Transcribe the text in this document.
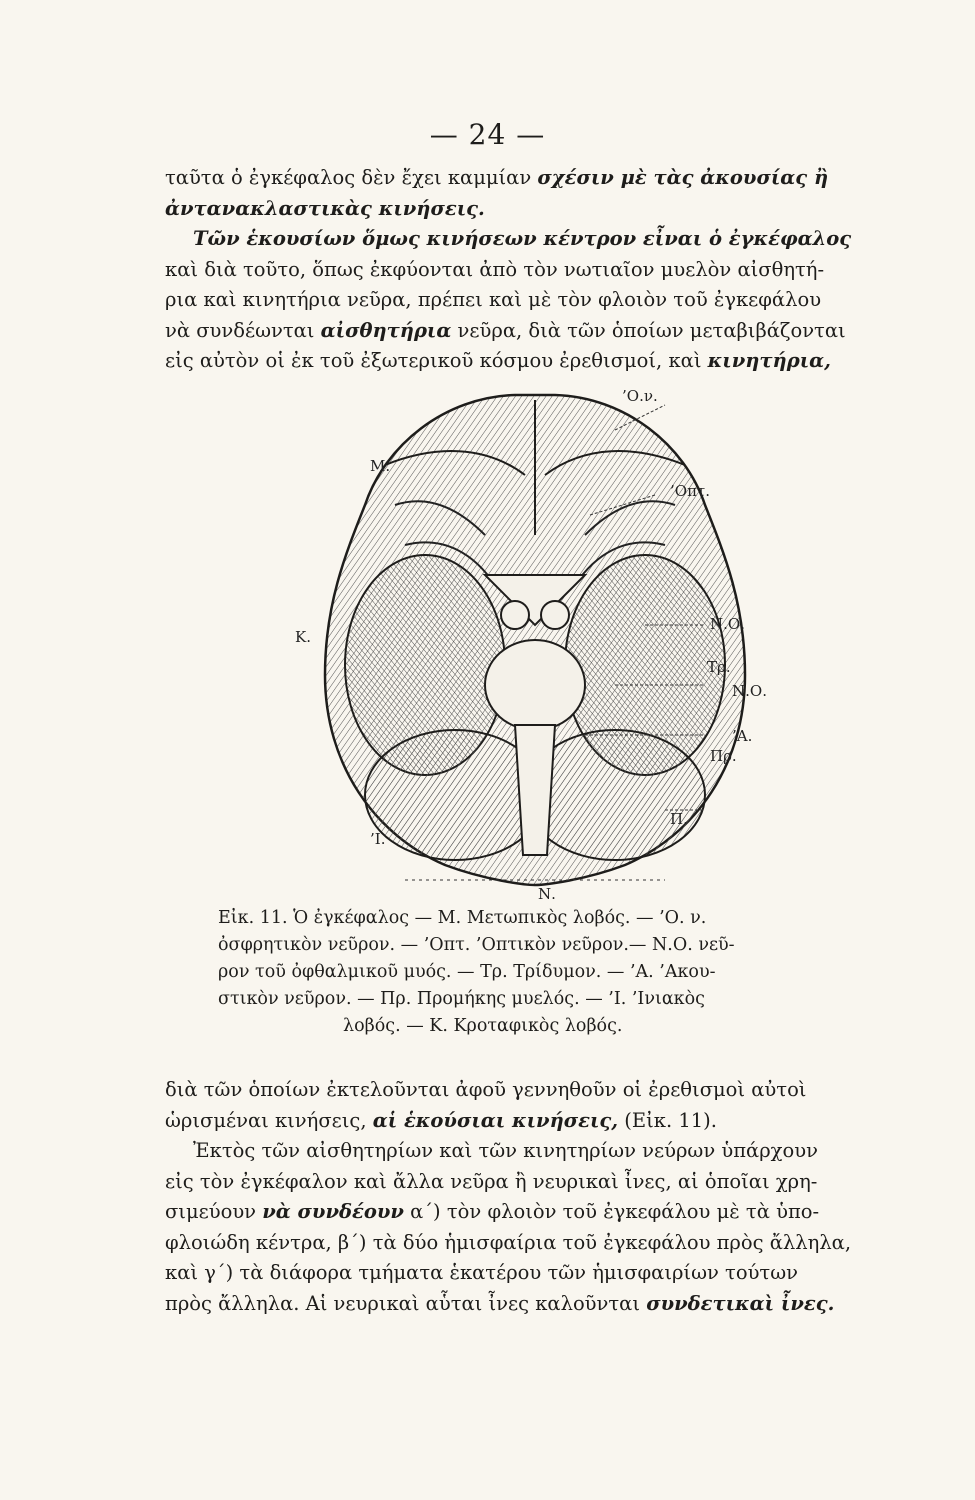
— 24 —
ταῦτα ὁ ἐγκέφαλος δὲν ἔχει καμμίαν σχέσιν μὲ τὰς ἀκουσίας ἢ
ἀντανακλαστικὰς κινήσεις.
Τῶν ἑκουσίων ὅμως κινήσεων κέντρον εἶναι ὁ ἐγκέφαλος
καὶ διὰ τοῦτο, ὅπως ἐκφύονται ἀπὸ τὸν νωτιαῖον μυελὸν αἰσθητή-
ρια καὶ κινητήρια νεῦρα, πρέπει καὶ μὲ τὸν φλοιὸν τοῦ ἐγκεφάλου
νὰ συνδέωνται αἰσθητήρια νεῦρα, διὰ τῶν ὁποίων μεταβιβάζονται
εἰς αὐτὸν οἱ ἐκ τοῦ ἐξωτερικοῦ κόσμου ἐρεθισμοί, καὶ κινητήρια,
’Ο.ν.
Μ.
’Οπτ.
Κ.
Ν.Ο.
Τρ.
Ν.Ο.
’Α.
Πρ.
Π.
’Ι.
Ν.
Εἰκ. 11. Ὁ ἐγκέφαλος — Μ. Μετωπικὸς λοβός. — ’Ο. ν.
ὀσφρητικὸν νεῦρον. — ’Οπτ. ’Οπτικὸν νεῦρον.— Ν.Ο. νεῦ-
ρον τοῦ ὀφθαλμικοῦ μυός. — Τρ. Τρίδυμον. — ’Α. ’Ακου-
στικὸν νεῦρον. — Πρ. Προμήκης μυελός. — ’Ι. ’Ινιακὸς
λοβός. — Κ. Κροταφικὸς λοβός.
διὰ τῶν ὁποίων ἐκτελοῦνται ἀφοῦ γεννηθοῦν οἱ ἐρεθισμοὶ αὐτοὶ
ὡρισμέναι κινήσεις, αἱ ἑκούσιαι κινήσεις, (Εἰκ. 11).
Ἐκτὸς τῶν αἰσθητηρίων καὶ τῶν κινητηρίων νεύρων ὑπάρχουν
εἰς τὸν ἐγκέφαλον καὶ ἄλλα νεῦρα ἢ νευρικαὶ ἶνες, αἱ ὁποῖαι χρη-
σιμεύουν νὰ συνδέουν α΄) τὸν φλοιὸν τοῦ ἐγκεφάλου μὲ τὰ ὑπο-
φλοιώδη κέντρα, β΄) τὰ δύο ἡμισφαίρια τοῦ ἐγκεφάλου πρὸς ἄλληλα,
καὶ γ΄) τὰ διάφορα τμήματα ἑκατέρου τῶν ἡμισφαιρίων τούτων
πρὸς ἄλληλα. Αἱ νευρικαὶ αὗται ἶνες καλοῦνται συνδετικαὶ ἶνες.
